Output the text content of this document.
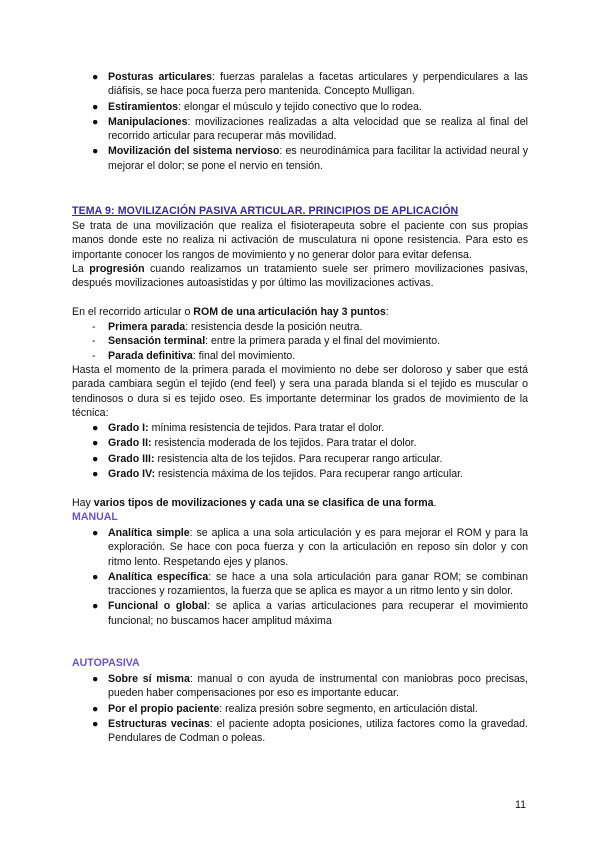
● Posturas articulares: fuerzas paralelas a facetas articulares y perpendiculares a las diáfisis, se hace poca fuerza pero mantenida. Concepto Mulligan.
● Estiramientos: elongar el músculo y tejido conectivo que lo rodea.
● Manipulaciones: movilizaciones realizadas a alta velocidad que se realiza al final del recorrido articular para recuperar más movilidad.
● Movilización del sistema nervioso: es neurodinámica para facilitar la actividad neural y mejorar el dolor; se pone el nervio en tensión.
TEMA 9: MOVILIZACIÓN PASIVA ARTICULAR. PRINCIPIOS DE APLICACIÓN
Se trata de una movilización que realiza el fisioterapeuta sobre el paciente con sus propias manos donde este no realiza ni activación de musculatura ni opone resistencia. Para esto es importante conocer los rangos de movimiento y no generar dolor para evitar defensa.
La progresión cuando realizamos un tratamiento suele ser primero movilizaciones pasivas, después movilizaciones autoasistidas y por último las movilizaciones activas.
En el recorrido articular o ROM de una articulación hay 3 puntos:
- Primera parada: resistencia desde la posición neutra.
- Sensación terminal: entre la primera parada y el final del movimiento.
- Parada definitiva: final del movimiento.
Hasta el momento de la primera parada el movimiento no debe ser doloroso y saber que está parada cambiara según el tejido (end feel) y sera una parada blanda si el tejido es muscular o tendinosos o dura si es tejido oseo. Es importante determinar los grados de movimiento de la técnica:
● Grado I: mínima resistencia de tejidos. Para tratar el dolor.
● Grado II: resistencia moderada de los tejidos. Para tratar el dolor.
● Grado III: resistencia alta de los tejidos. Para recuperar rango articular.
● Grado IV: resistencia máxima de los tejidos. Para recuperar rango articular.
Hay varios tipos de movilizaciones y cada una se clasifica de una forma.
MANUAL
● Analítica simple: se aplica a una sola articulación y es para mejorar el ROM y para la exploración. Se hace con poca fuerza y con la articulación en reposo sin dolor y con ritmo lento. Respetando ejes y planos.
● Analítica específica: se hace a una sola articulación para ganar ROM; se combinan tracciones y rozamientos, la fuerza que se aplica es mayor a un ritmo lento y sin dolor.
● Funcional o global: se aplica a varias articulaciones para recuperar el movimiento funcional; no buscamos hacer amplitud máxima
AUTOPASIVA
● Sobre sí misma: manual o con ayuda de instrumental con maniobras poco precisas, pueden haber compensaciones por eso es importante educar.
● Por el propio paciente: realiza presión sobre segmento, en articulación distal.
● Estructuras vecinas: el paciente adopta posiciones, utiliza factores como la gravedad. Pendulares de Codman o poleas.
11
